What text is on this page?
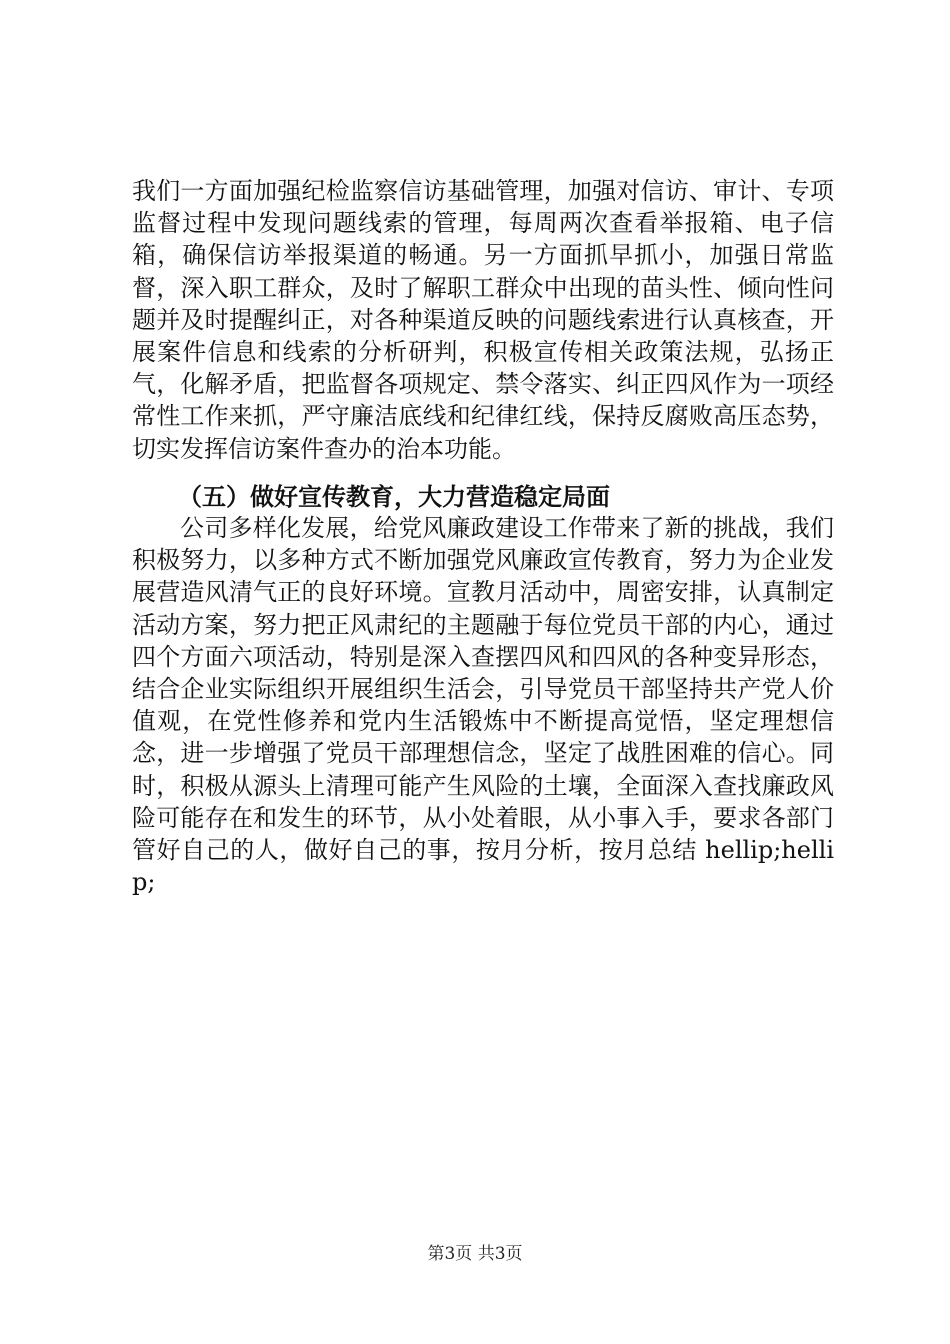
我们一方面加强纪检监察信访基础管理，加强对信访、审计、专项监督过程中发现问题线索的管理，每周两次查看举报箱、电子信箱，确保信访举报渠道的畅通。另一方面抓早抓小，加强日常监督，深入职工群众，及时了解职工群众中出现的苗头性、倾向性问题并及时提醒纠正，对各种渠道反映的问题线索进行认真核查，开展案件信息和线索的分析研判，积极宣传相关政策法规，弘扬正气，化解矛盾，把监督各项规定、禁令落实、纠正四风作为一项经常性工作来抓，严守廉洁底线和纪律红线，保持反腐败高压态势，切实发挥信访案件查办的治本功能。

（五）做好宣传教育，大力营造稳定局面

公司多样化发展，给党风廉政建设工作带来了新的挑战，我们积极努力，以多种方式不断加强党风廉政宣传教育，努力为企业发展营造风清气正的良好环境。宣教月活动中，周密安排，认真制定活动方案，努力把正风肃纪的主题融于每位党员干部的内心，通过四个方面六项活动，特别是深入查摆四风和四风的各种变异形态，结合企业实际组织开展组织生活会，引导党员干部坚持共产党人价值观，在党性修养和党内生活锻炼中不断提高觉悟，坚定理想信念，进一步增强了党员干部理想信念，坚定了战胜困难的信心。同时，积极从源头上清理可能产生风险的土壤，全面深入查找廉政风险可能存在和发生的环节，从小处着眼，从小事入手，要求各部门管好自己的人，做好自己的事，按月分析，按月总结 hellip;hellip;

第3页 共3页
